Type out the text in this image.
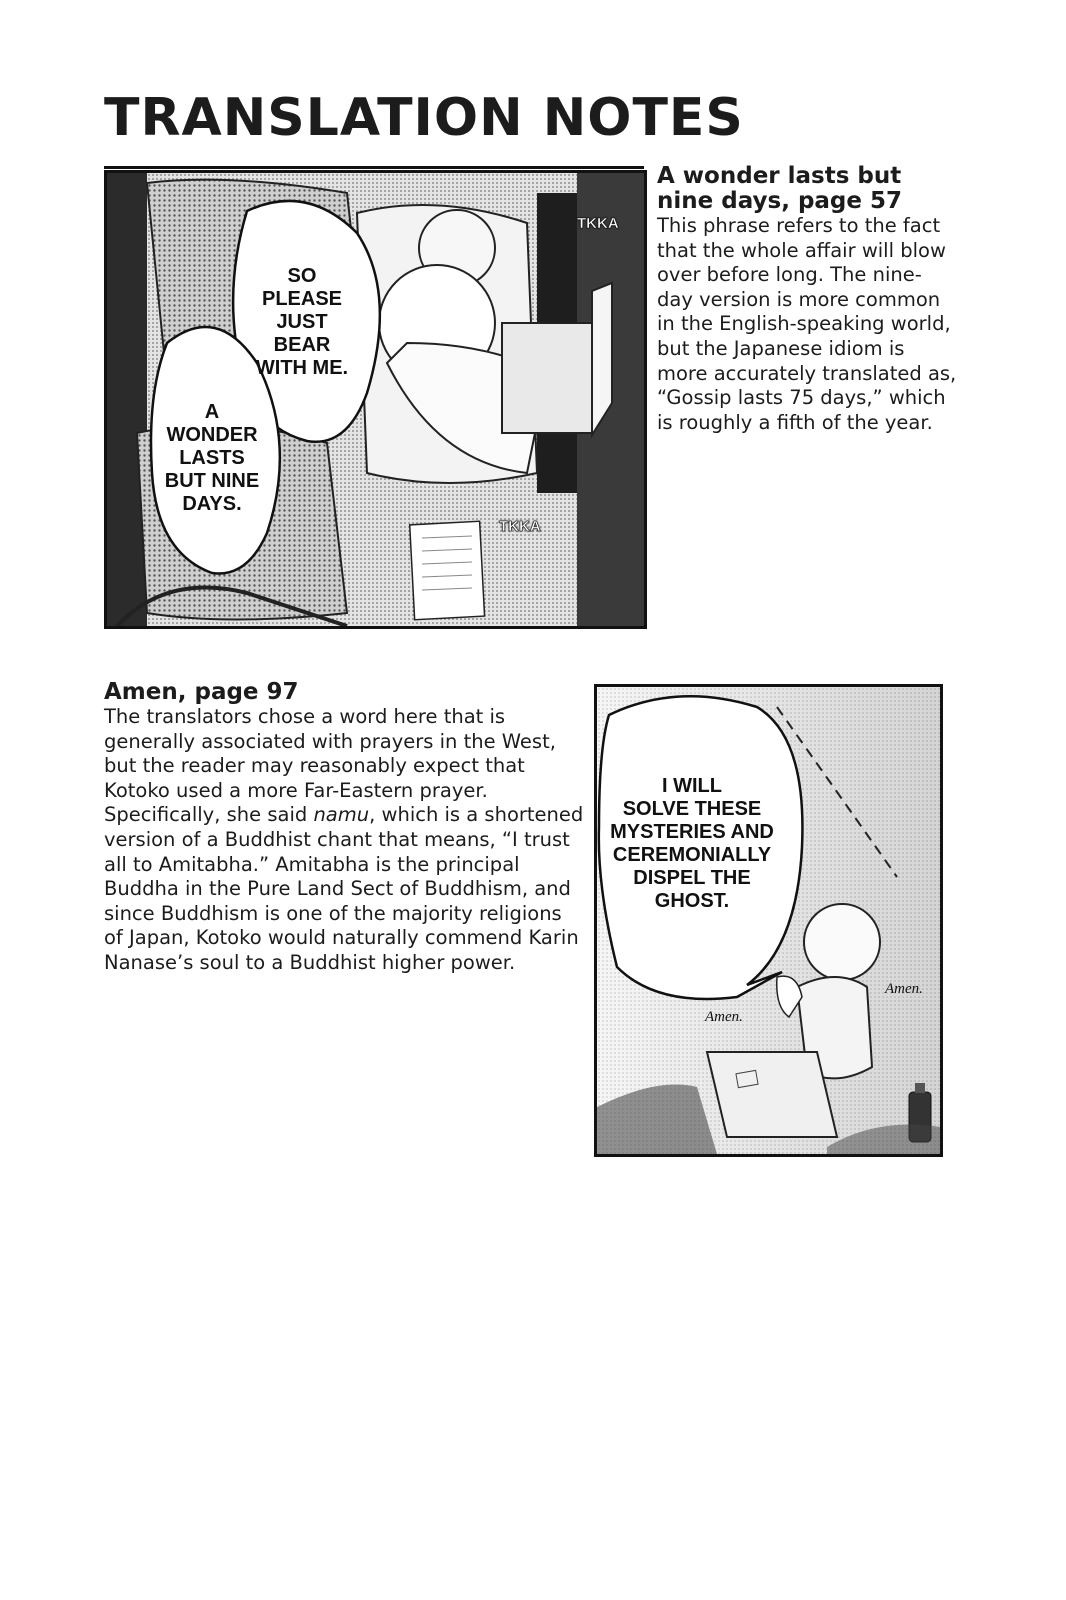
TRANSLATION NOTES
SO
PLEASE
JUST
BEAR
WITH ME.
A
WONDER
LASTS
BUT NINE
DAYS.
TKKA
TKKA

A wonder lasts but
nine days, page 57

This phrase refers to the fact that the whole affair will blow over before long. The nine-day version is more common in the English-speaking world, but the Japanese idiom is more accurately translated as, “Gossip lasts 75 days,” which is roughly a fifth of the year.

Amen, page 97

The translators chose a word here that is generally associated with prayers in the West, but the reader may reasonably expect that Kotoko used a more Far-Eastern prayer. Specifically, she said namu, which is a shortened version of a Buddhist chant that means, “I trust all to Amitabha.” Amitabha is the principal Buddha in the Pure Land Sect of Buddhism, and since Buddhism is one of the majority religions of Japan, Kotoko would naturally commend Karin Nanase’s soul to a Buddhist higher power.

I WILL
SOLVE THESE
MYSTERIES AND
CEREMONIALLY
DISPEL THE
GHOST.
Amen.
Amen.
